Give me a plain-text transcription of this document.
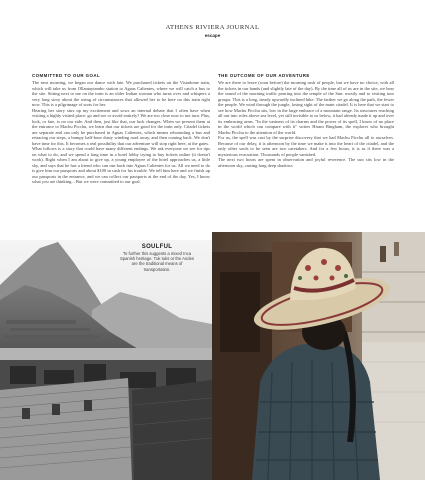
ATHENS RIVIERA JOURNAL
escape
COMMITTED TO OUR GOAL

The next morning, we began our dance with fate. We purchased tickets on the Vistadome train, which will take us from Ollantaytambo station to Aguas Calientes, where we will catch a bus to the site. Sitting next to me on the train is an older Indian woman who turns over and whispers a very long story about the string of circumstances that allowed her to be here on this train right now. This is a pilgrimage of sorts for her.

Hearing her story stirs up my excitement and sows an internal debate that I often have when visiting a highly visited place: go and see or avoid entirely? We are too close now to not turn. Plus, luck, or fate, is on our side. And then, just like that, our luck changes. When we present them at the entrance to Machu Picchu, we learn that our tickets are good for the train only. Citadel tickets are separate and can only be purchased in Aguas Calientes, which means rebounding a bus and retracing our steps, a bumpy half-hour dusty winding road away, and then coming back. We don't have time for this. It becomes a real possibility that our adventure will stop right here, at the gates.

What follows is a story that could have many different endings. We ask everyone we see for tips on what to do, and we spend a long time in a hotel lobby trying to buy tickets online (it doesn't work). Right when I am about to give up, a young employee of the hotel approaches us, a little shy, and says that he has a friend who can run back into Aguas Calientes for us. All we need to do is give him our passports and about $100 in cash for his trouble. We tell him here and we finish up our passports in the entrance, and we can collect our passports at the end of the day. Yes, I know what you are thinking... But we were committed to our goal.

THE OUTCOME OF OUR ADVENTURE

We are there to leave (soon before) the morning rush of people, but we have no choice, with all the tickets in our hands (and slightly late of the day). By the time all of us are in the site, we hear the sound of the morning traffic pouring into the temple of the Sun: mostly and to visiting tour groups. This is a long, steady upwardly inclined hike. The farther we go along the path, the fewer the people. We wind through the jungle, losing sight of the main citadel. It is here that we start to see how Machu Picchu sits, low in the large embrace of a mountain range. Its structures reaching all out into roles above sea level, yet still invisible to us below, it had already made it up and over its embracing arms. "In the vastness of its charms and the power of its spell, I know of no place in the world which can compare with it" writes Hiram Bingham, the explorer who brought Machu Picchu to the attention of the world.

For us, the spell was cast by the surprise discovery that we had Machu Picchu all to ourselves. Because of our delay, it is afternoon by the time we make it into the heart of the citadel, and the only other souls to be seen are two caretakers. And for a few hours, it is as if there was a mysterious evacuation. Thousands of people vanished.

The next two hours are spent in observation and joyful reverence. The sun sits low in the afternoon sky, casting long deep shadows

SOULFUL
To further this suggests a mixed Inca Spanish heritage. Tuk tuks or the Andes are the traditional means of transportation.
